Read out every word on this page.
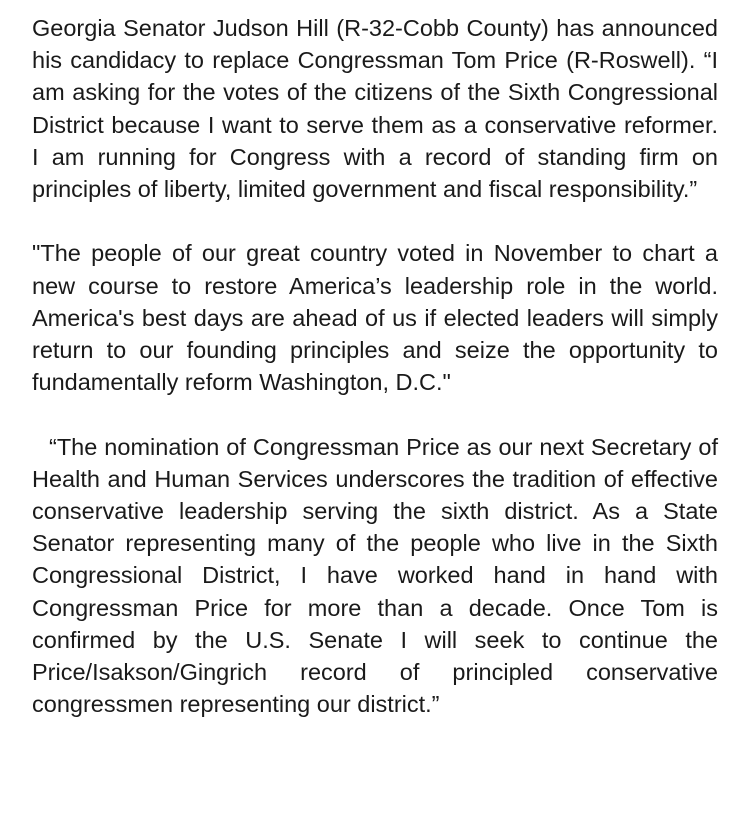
Georgia Senator Judson Hill (R-32-Cobb County) has announced his candidacy to replace Congressman Tom Price (R-Roswell). “I am asking for the votes of the citizens of the Sixth Congressional District because I want to serve them as a conservative reformer. I am running for Congress with a record of standing firm on principles of liberty, limited government and fiscal responsibility.”

"The people of our great country voted in November to chart a new course to restore America’s leadership role in the world. America's best days are ahead of us if elected leaders will simply return to our founding principles and seize the opportunity to fundamentally reform Washington, D.C."

“The nomination of Congressman Price as our next Secretary of Health and Human Services underscores the tradition of effective conservative leadership serving the sixth district. As a State Senator representing many of the people who live in the Sixth Congressional District, I have worked hand in hand with Congressman Price for more than a decade. Once Tom is confirmed by the U.S. Senate I will seek to continue the Price/Isakson/Gingrich record of principled conservative congressmen representing our district.”
